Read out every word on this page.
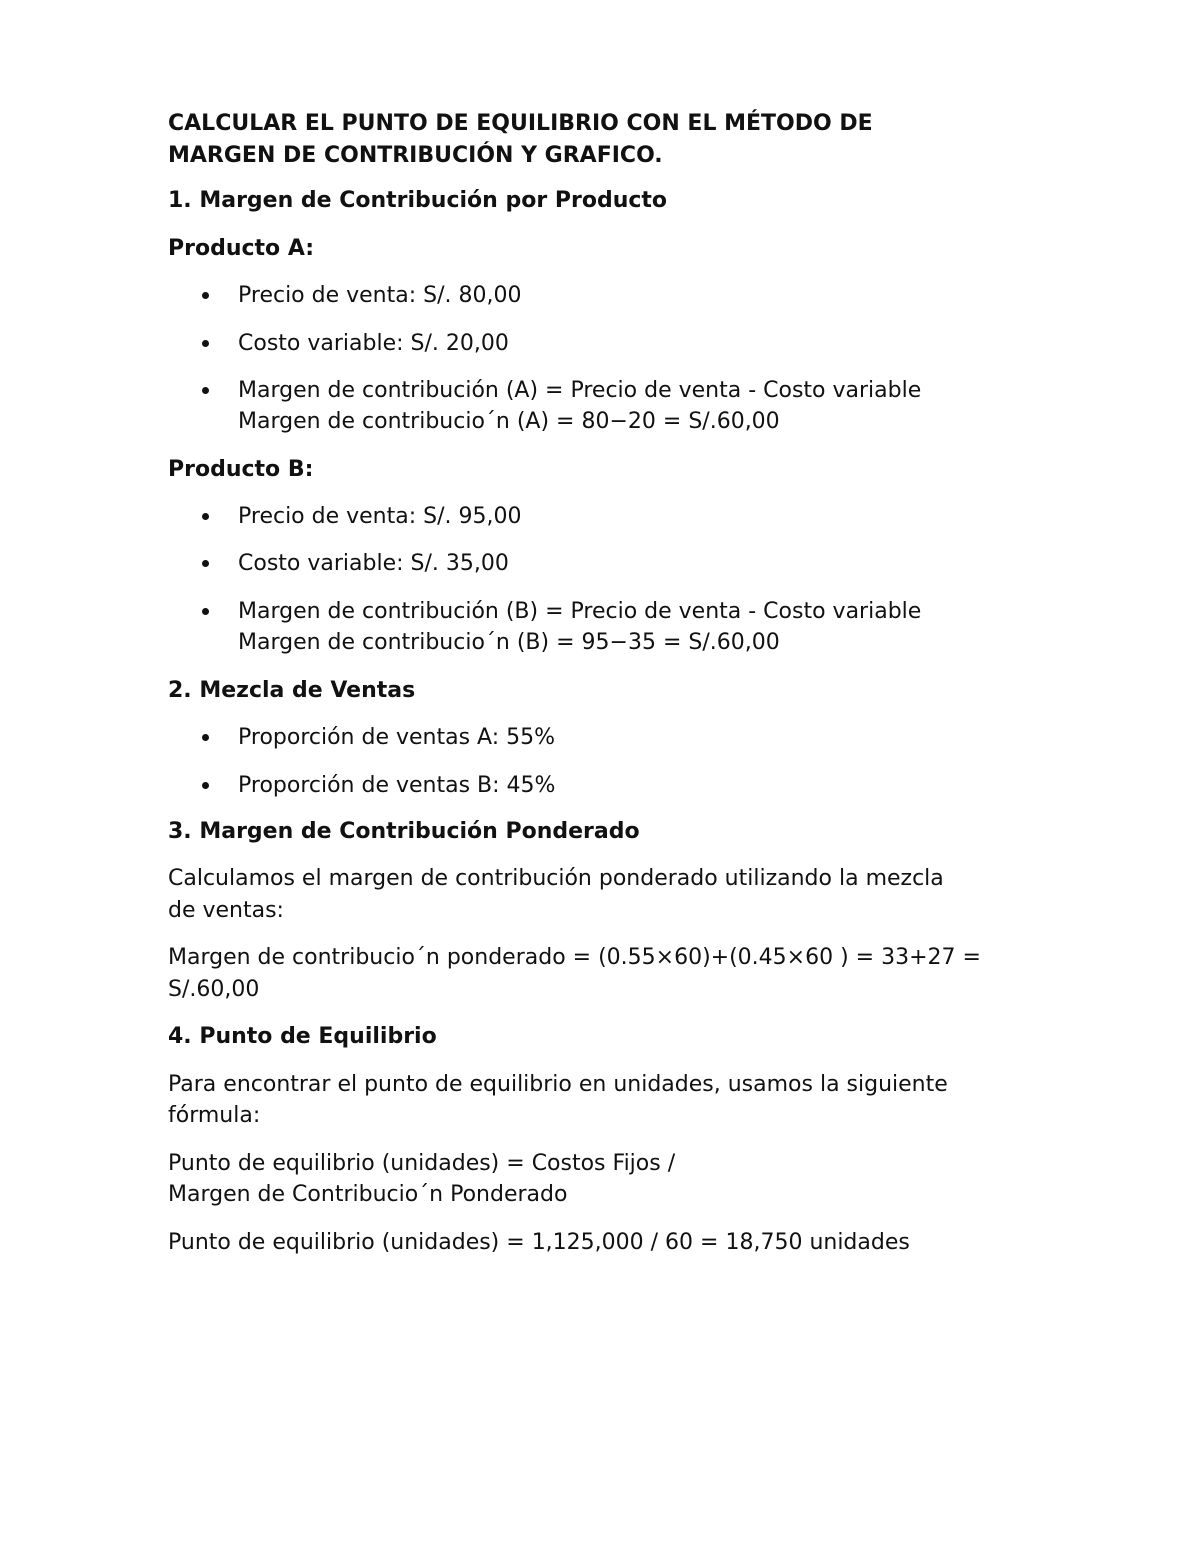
CALCULAR EL PUNTO DE EQUILIBRIO CON EL MÉTODO DE
MARGEN DE CONTRIBUCIÓN Y GRAFICO.
1. Margen de Contribución por Producto
Producto A:
Precio de venta: S/. 80,00
Costo variable: S/. 20,00
Margen de contribución (A) = Precio de venta - Costo variable
Margen de contribucio´n (A) = 80−20 = S/.60,00
Producto B:
Precio de venta: S/. 95,00
Costo variable: S/. 35,00
Margen de contribución (B) = Precio de venta - Costo variable
Margen de contribucio´n (B) = 95−35 = S/.60,00
2. Mezcla de Ventas
Proporción de ventas A: 55%
Proporción de ventas B: 45%
3. Margen de Contribución Ponderado
Calculamos el margen de contribución ponderado utilizando la mezcla
de ventas:
Margen de contribucio´n ponderado = (0.55×60)+(0.45×60 ) = 33+27 =
S/.60,00
4. Punto de Equilibrio
Para encontrar el punto de equilibrio en unidades, usamos la siguiente
fórmula:
Punto de equilibrio (unidades) = Costos Fijos /
Margen de Contribucio´n Ponderado
Punto de equilibrio (unidades) = 1,125,000 / 60 = 18,750 unidades
